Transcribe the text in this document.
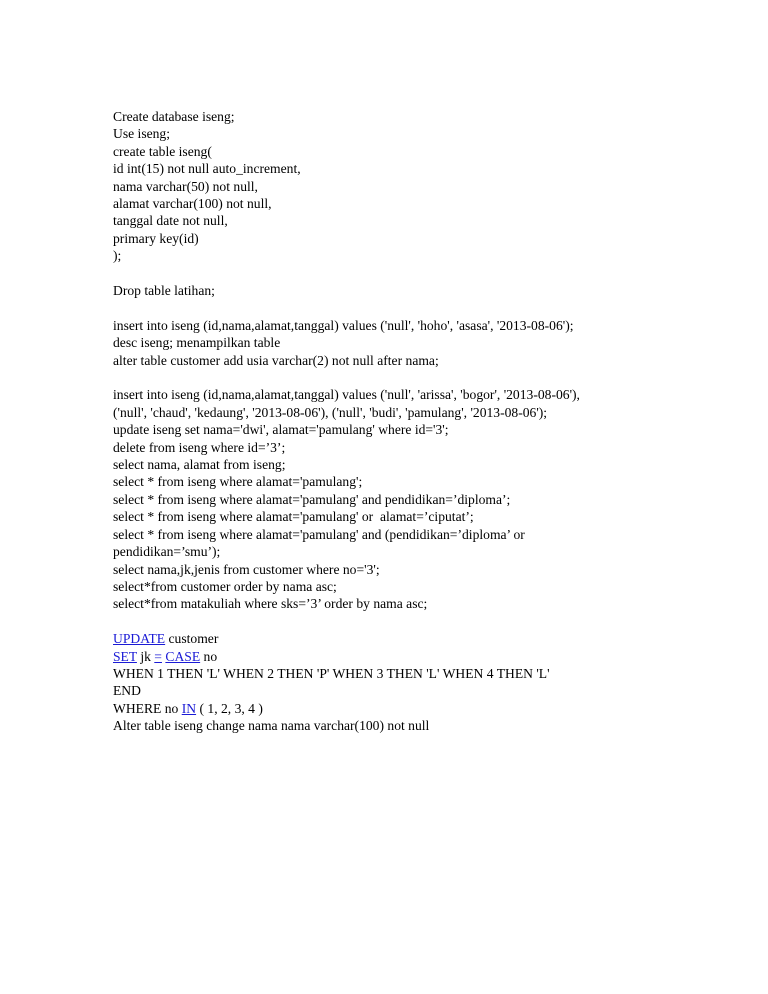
Create database iseng;
Use iseng;
create table iseng(
id int(15) not null auto_increment,
nama varchar(50) not null,
alamat varchar(100) not null,
tanggal date not null,
primary key(id)
);
Drop table latihan;
insert into iseng (id,nama,alamat,tanggal) values ('null', 'hoho', 'asasa', '2013-08-06');
desc iseng; menampilkan table
alter table customer add usia varchar(2) not null after nama;
insert into iseng (id,nama,alamat,tanggal) values ('null', 'arissa', 'bogor', '2013-08-06'),
('null', 'chaud', 'kedaung', '2013-08-06'), ('null', 'budi', 'pamulang', '2013-08-06');
update iseng set nama='dwi', alamat='pamulang' where id='3';
delete from iseng where id=’3’;
select nama, alamat from iseng;
select * from iseng where alamat='pamulang';
select * from iseng where alamat='pamulang' and pendidikan=’diploma’;
select * from iseng where alamat='pamulang' or  alamat=’ciputat’;
select * from iseng where alamat='pamulang' and (pendidikan=’diploma’ or
pendidikan=’smu’);
select nama,jk,jenis from customer where no='3';
select*from customer order by nama asc;
select*from matakuliah where sks=’3’ order by nama asc;
UPDATE customer
SET jk = CASE no
WHEN 1 THEN 'L' WHEN 2 THEN 'P' WHEN 3 THEN 'L' WHEN 4 THEN 'L'
END
WHERE no IN ( 1, 2, 3, 4 )
Alter table iseng change nama nama varchar(100) not null
